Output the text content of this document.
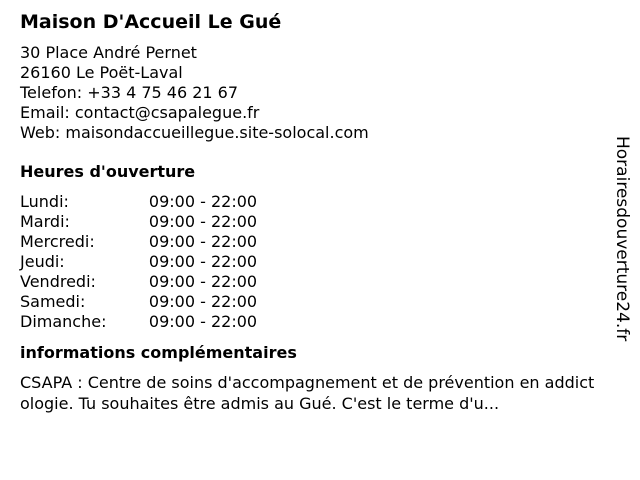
Maison D'Accueil Le Gué
30 Place André Pernet
26160 Le Poët-Laval
Telefon: +33 4 75 46 21 67
Email: contact@csapalegue.fr
Web: maisondaccueillegue.site-solocal.com
Heures d'ouverture
Lundi:	09:00 - 22:00
Mardi:	09:00 - 22:00
Mercredi:	09:00 - 22:00
Jeudi:	09:00 - 22:00
Vendredi:	09:00 - 22:00
Samedi:	09:00 - 22:00
Dimanche:	09:00 - 22:00
informations complémentaires
CSAPA : Centre de soins d'accompagnement et de prévention en addictologie. Tu souhaites être admis au Gué. C'est le terme d'u...
Horairesdouverture24.fr
